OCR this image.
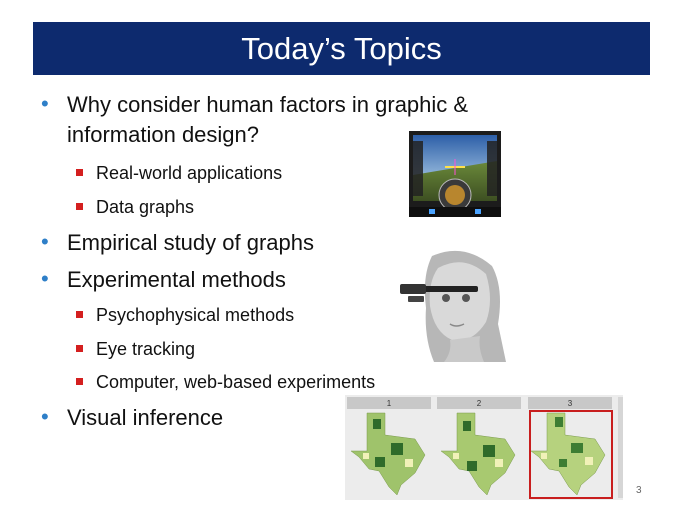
Today’s Topics
• Why consider human factors in graphic &
information design?
Real-world applications
Data graphs
• Empirical study of graphs
• Experimental methods
Psychophysical methods
Eye tracking
Computer, web-based experiments
• Visual inference
1	2	3
3
